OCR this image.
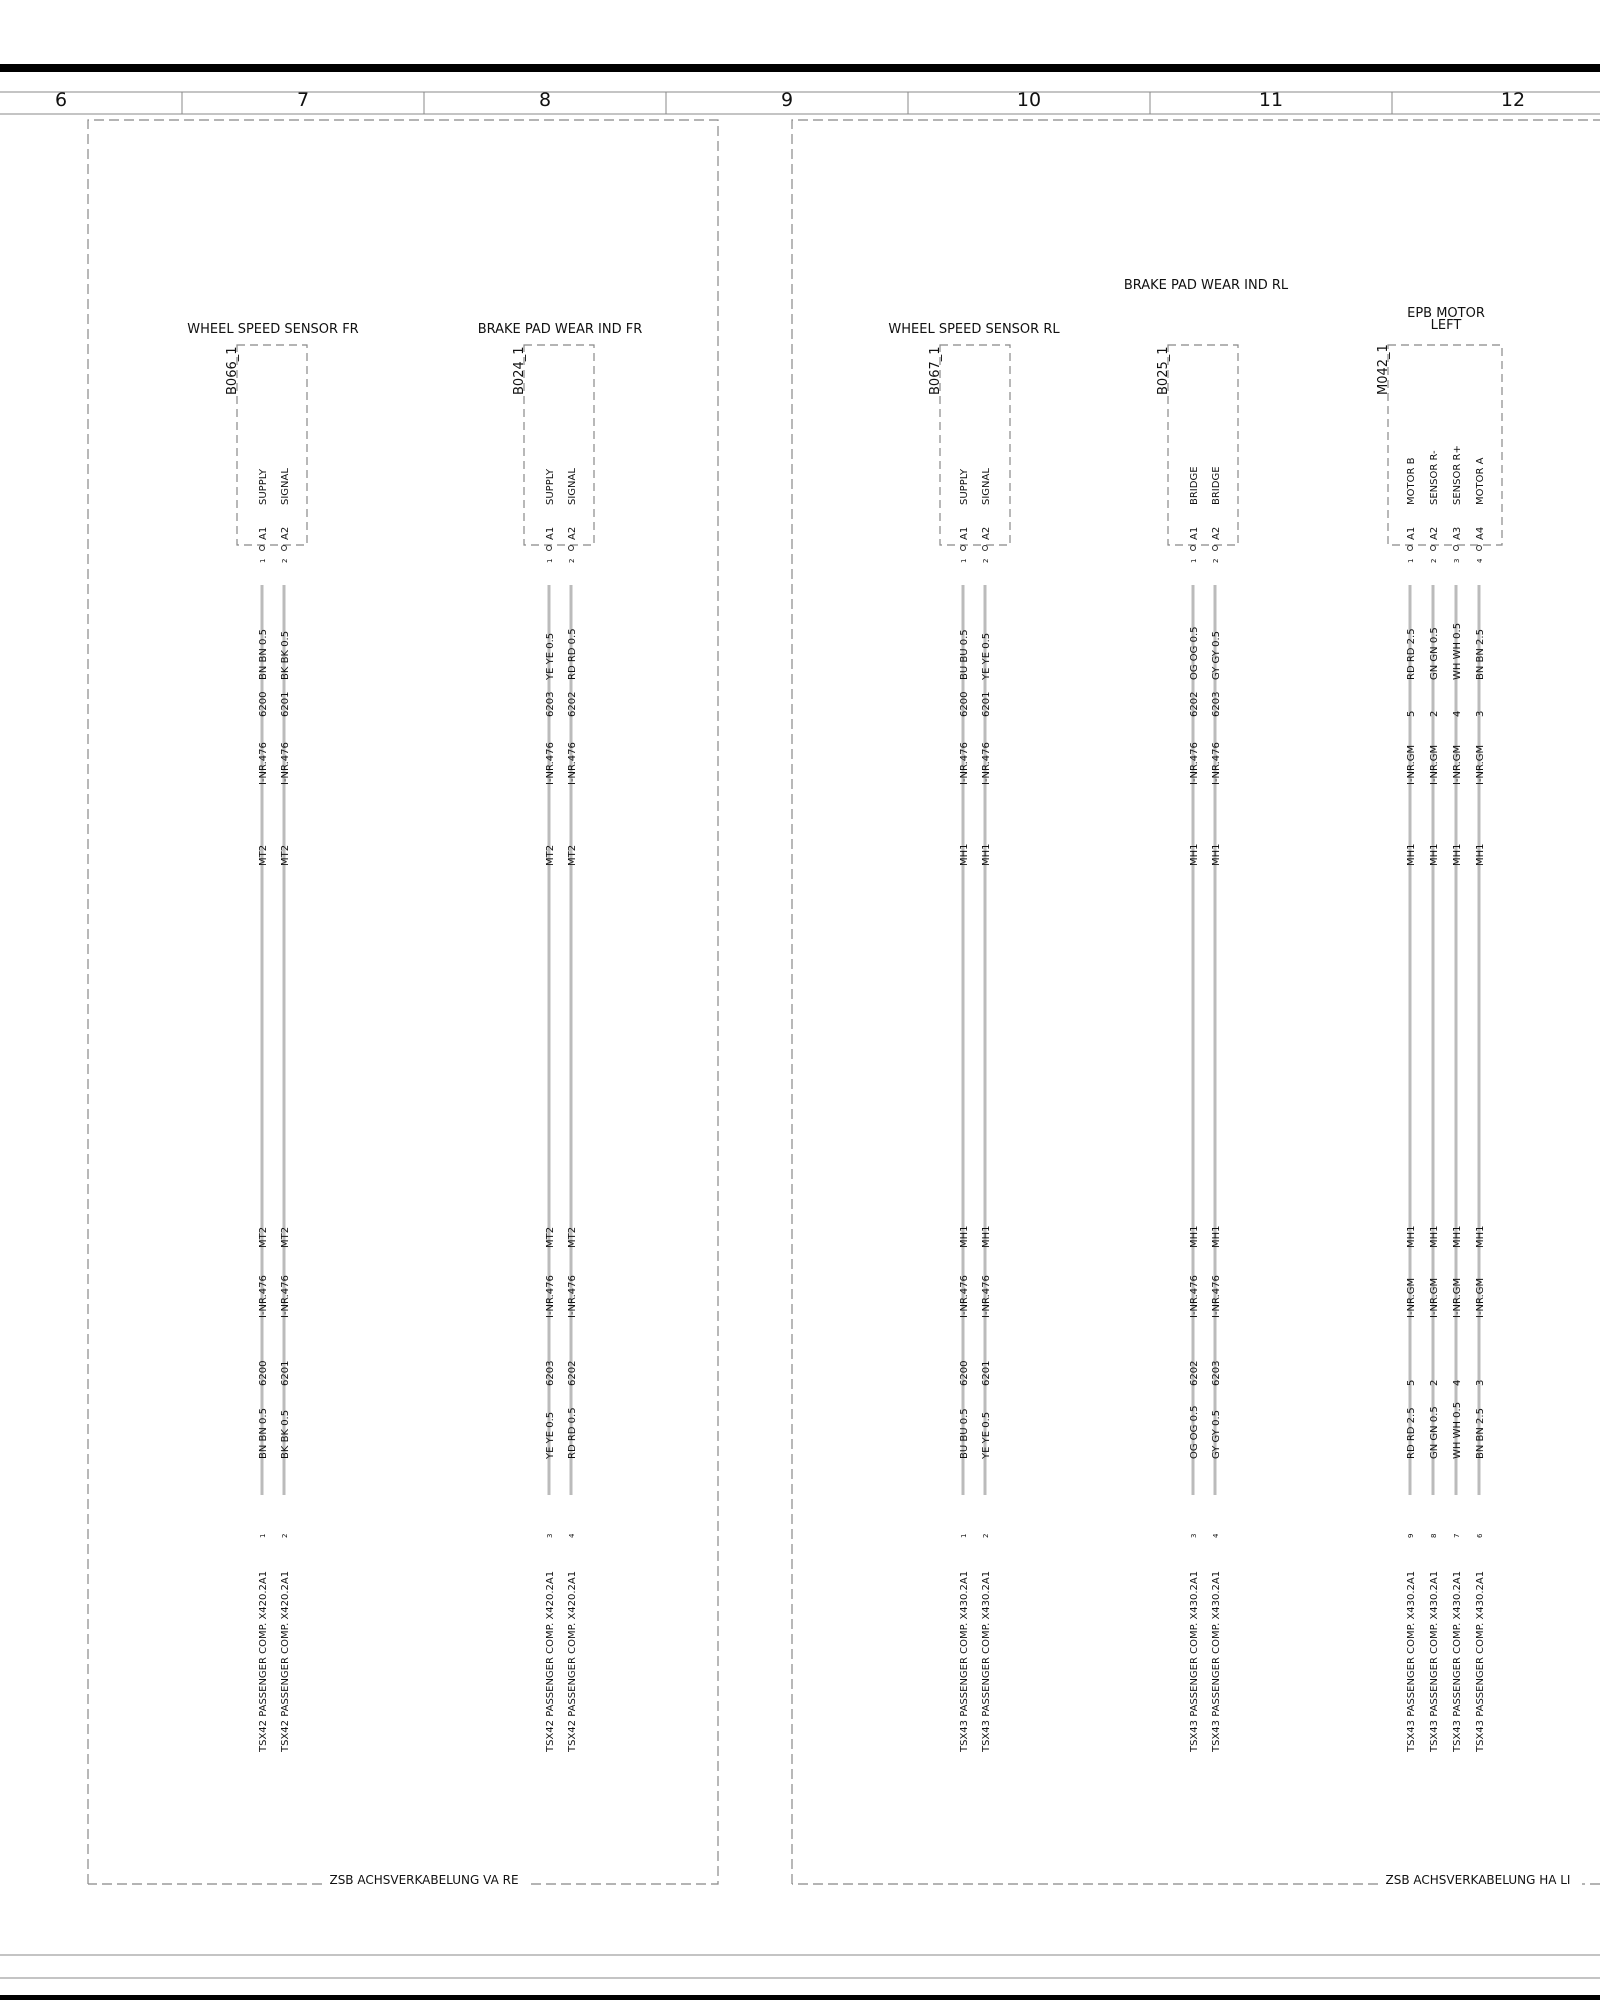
6	7	8	9	10	11	12
ZSB ACHSVERKABELUNG VA RE	ZSB ACHSVERKABELUNG HA LI
WHEEL SPEED SENSOR FR
B066_1
SUPPLY
A1
1
BN BN 0.5
6200
I-NR.476
MT2
MT2
I-NR.476
6200
BN BN 0.5
TSX42 PASSENGER COMP. X420.2A1
1
SIGNAL
A2
2
BK BK 0.5
6201
I-NR.476
MT2
MT2
I-NR.476
6201
BK BK 0.5
TSX42 PASSENGER COMP. X420.2A1
2
BRAKE PAD WEAR IND FR
B024_1
SUPPLY
A1
1
YE YE 0.5
6203
I-NR.476
MT2
MT2
I-NR.476
6203
YE YE 0.5
TSX42 PASSENGER COMP. X420.2A1
3
SIGNAL
A2
2
RD RD 0.5
6202
I-NR.476
MT2
MT2
I-NR.476
6202
RD RD 0.5
TSX42 PASSENGER COMP. X420.2A1
4
WHEEL SPEED SENSOR RL
B067_1
SUPPLY
A1
1
BU BU 0.5
6200
I-NR.476
MH1
MH1
I-NR.476
6200
BU BU 0.5
TSX43 PASSENGER COMP. X430.2A1
1
SIGNAL
A2
2
YE YE 0.5
6201
I-NR.476
MH1
MH1
I-NR.476
6201
YE YE 0.5
TSX43 PASSENGER COMP. X430.2A1
2
BRAKE PAD WEAR IND RL
B025_1
BRIDGE
A1
1
OG OG 0.5
6202
I-NR.476
MH1
MH1
I-NR.476
6202
OG OG 0.5
TSX43 PASSENGER COMP. X430.2A1
3
BRIDGE
A2
2
GY GY 0.5
6203
I-NR.476
MH1
MH1
I-NR.476
6203
GY GY 0.5
TSX43 PASSENGER COMP. X430.2A1
4
EPB MOTOR
LEFT
M042_1
MOTOR B
A1
1
RD RD 2.5
5
I-NR.GM
MH1
MH1
I-NR.GM
5
RD RD 2.5
TSX43 PASSENGER COMP. X430.2A1
9
SENSOR R-
A2
2
GN GN 0.5
2
I-NR.GM
MH1
MH1
I-NR.GM
2
GN GN 0.5
TSX43 PASSENGER COMP. X430.2A1
8
SENSOR R+
A3
3
WH WH 0.5
4
I-NR.GM
MH1
MH1
I-NR.GM
4
WH WH 0.5
TSX43 PASSENGER COMP. X430.2A1
7
MOTOR A
A4
4
BN BN 2.5
3
I-NR.GM
MH1
MH1
I-NR.GM
3
BN BN 2.5
TSX43 PASSENGER COMP. X430.2A1
6
